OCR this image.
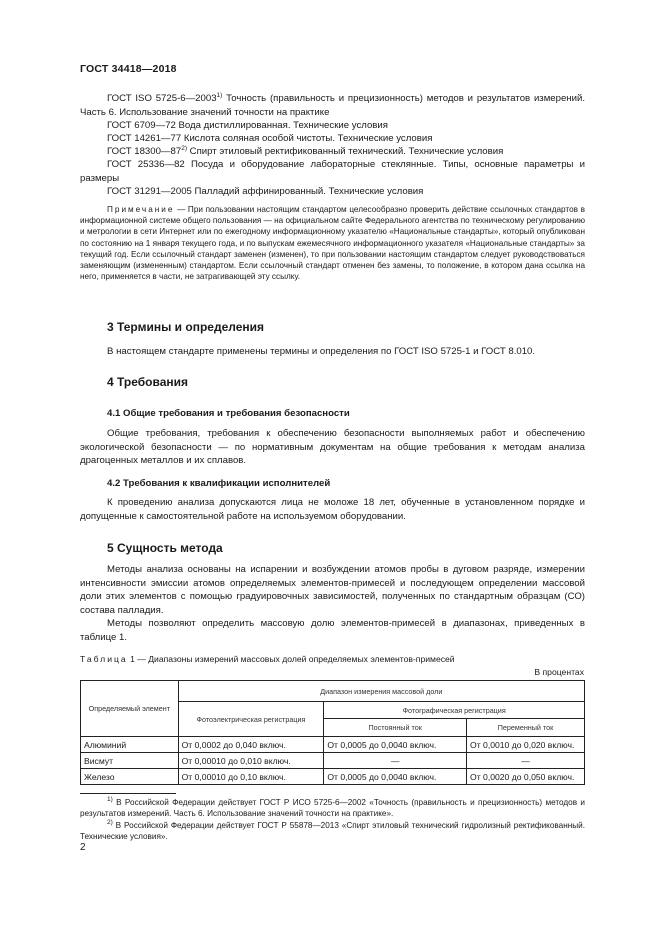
ГОСТ 34418—2018

ГОСТ ISO 5725-6—2003$^{1)}$ Точность (правильность и прецизионность) методов и результатов измерений. Часть 6. Использование значений точности на практике

ГОСТ 6709—72 Вода дистиллированная. Технические условия

ГОСТ 14261—77 Кислота соляная особой чистоты. Технические условия

ГОСТ 18300—87$^{2)}$ Спирт этиловый ректификованный технический. Технические условия

ГОСТ 25336—82 Посуда и оборудование лабораторные стеклянные. Типы, основные параметры и размеры

ГОСТ 31291—2005 Палладий аффинированный. Технические условия

Примечание — При пользовании настоящим стандартом целесообразно проверить действие ссылочных стандартов в информационной системе общего пользования — на официальном сайте Федерального агентства по техническому регулированию и метрологии в сети Интернет или по ежегодному информационному указателю «Национальные стандарты», который опубликован по состоянию на 1 января текущего года, и по выпускам ежемесячного информационного указателя «Национальные стандарты» за текущий год. Если ссылочный стандарт заменен (изменен), то при пользовании настоящим стандартом следует руководствоваться заменяющим (измененным) стандартом. Если ссылочный стандарт отменен без замены, то положение, в котором дана ссылка на него, применяется в части, не затрагивающей эту ссылку.

3 Термины и определения

В настоящем стандарте применены термины и определения по ГОСТ ISO 5725-1 и ГОСТ 8.010.

4 Требования
4.1 Общие требования и требования безопасности

Общие требования, требования к обеспечению безопасности выполняемых работ и обеспечению экологической безопасности — по нормативным документам на общие требования к методам анализа драгоценных металлов и их сплавов.

4.2 Требования к квалификации исполнителей

К проведению анализа допускаются лица не моложе 18 лет, обученные в установленном порядке и допущенные к самостоятельной работе на используемом оборудовании.

5 Сущность метода

Методы анализа основаны на испарении и возбуждении атомов пробы в дуговом разряде, измерении интенсивности эмиссии атомов определяемых элементов-примесей и последующем определении массовой доли этих элементов с помощью градуировочных зависимостей, полученных по стандартным образцам (СО) состава палладия.

Методы позволяют определить массовую долю элементов-примесей в диапазонах, приведенных в таблице 1.

Таблица 1 — Диапазоны измерений массовых долей определяемых элементов-примесей
В процентах
Определяемый элемент	Диапазон измерения массовой доли		
	Фотоэлектрическая регистрация	Фотографическая регистрация	
		Постоянный ток	Переменный ток
Алюминий	От 0,0002 до 0,040 включ.	От 0,0005 до 0,0040 включ.	От 0,0010 до 0,020 включ.
Висмут	От 0,00010 до 0,010 включ.	—	—
Железо	От 0,00010 до 0,10 включ.	От 0,0005 до 0,0040 включ.	От 0,0020 до 0,050 включ.

$^{1)}$ В Российской Федерации действует ГОСТ Р ИСО 5725-6—2002 «Точность (правильность и прецизионность) методов и результатов измерений. Часть 6. Использование значений точности на практике».

$^{2)}$ В Российской Федерации действует ГОСТ Р 55878—2013 «Спирт этиловый технический гидролизный ректификованный. Технические условия».

2
